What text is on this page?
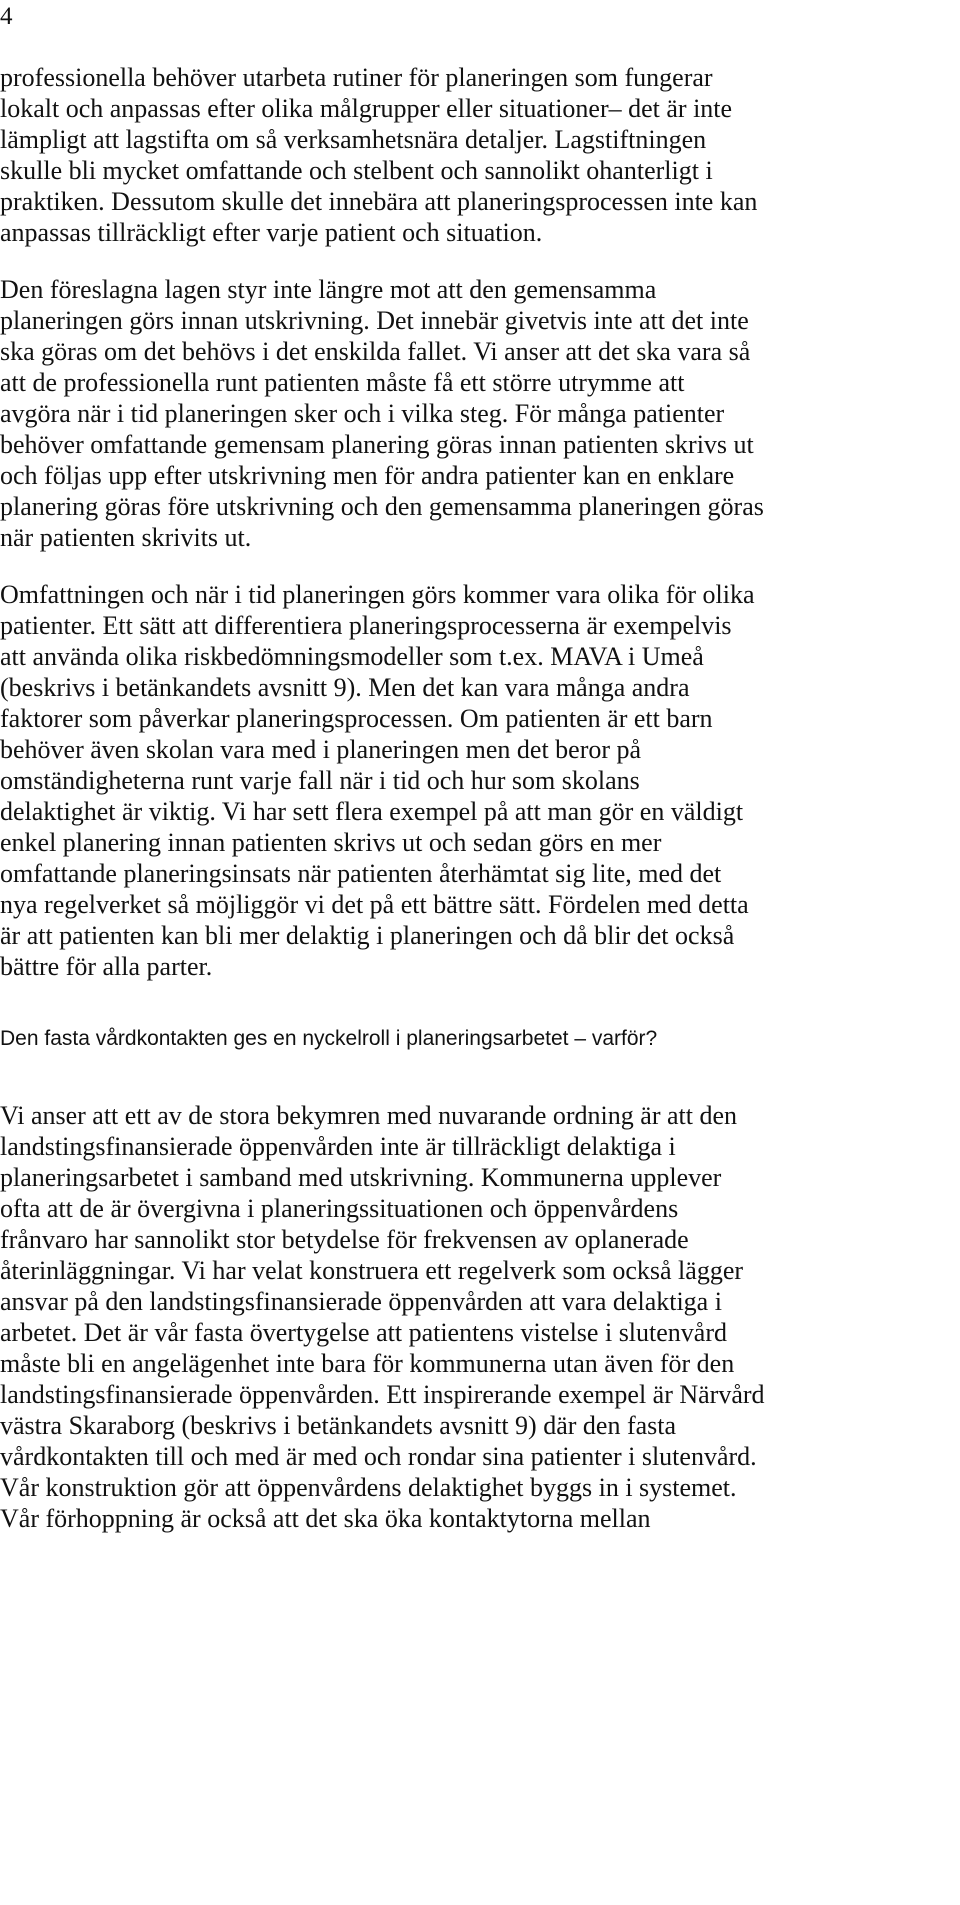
4

professionella behöver utarbeta rutiner för planeringen som fungerar
lokalt och anpassas efter olika målgrupper eller situationer– det är inte
lämpligt att lagstifta om så verksamhetsnära detaljer. Lagstiftningen
skulle bli mycket omfattande och stelbent och sannolikt ohanterligt i
praktiken. Dessutom skulle det innebära att planeringsprocessen inte kan
anpassas tillräckligt efter varje patient och situation.

Den föreslagna lagen styr inte längre mot att den gemensamma
planeringen görs innan utskrivning. Det innebär givetvis inte att det inte
ska göras om det behövs i det enskilda fallet. Vi anser att det ska vara så
att de professionella runt patienten måste få ett större utrymme att
avgöra när i tid planeringen sker och i vilka steg. För många patienter
behöver omfattande gemensam planering göras innan patienten skrivs ut
och följas upp efter utskrivning men för andra patienter kan en enklare
planering göras före utskrivning och den gemensamma planeringen göras
när patienten skrivits ut.

Omfattningen och när i tid planeringen görs kommer vara olika för olika
patienter. Ett sätt att differentiera planeringsprocesserna är exempelvis
att använda olika riskbedömningsmodeller som t.ex. MAVA i Umeå
(beskrivs i betänkandets avsnitt 9). Men det kan vara många andra
faktorer som påverkar planeringsprocessen. Om patienten är ett barn
behöver även skolan vara med i planeringen men det beror på
omständigheterna runt varje fall när i tid och hur som skolans
delaktighet är viktig. Vi har sett flera exempel på att man gör en väldigt
enkel planering innan patienten skrivs ut och sedan görs en mer
omfattande planeringsinsats när patienten återhämtat sig lite, med det
nya regelverket så möjliggör vi det på ett bättre sätt. Fördelen med detta
är att patienten kan bli mer delaktig i planeringen och då blir det också
bättre för alla parter.

Den fasta vårdkontakten ges en nyckelroll i planeringsarbetet – varför?

Vi anser att ett av de stora bekymren med nuvarande ordning är att den
landstingsfinansierade öppenvården inte är tillräckligt delaktiga i
planeringsarbetet i samband med utskrivning. Kommunerna upplever
ofta att de är övergivna i planeringssituationen och öppenvårdens
frånvaro har sannolikt stor betydelse för frekvensen av oplanerade
återinläggningar. Vi har velat konstruera ett regelverk som också lägger
ansvar på den landstingsfinansierade öppenvården att vara delaktiga i
arbetet. Det är vår fasta övertygelse att patientens vistelse i slutenvård
måste bli en angelägenhet inte bara för kommunerna utan även för den
landstingsfinansierade öppenvården. Ett inspirerande exempel är Närvård
västra Skaraborg (beskrivs i betänkandets avsnitt 9) där den fasta
vårdkontakten till och med är med och rondar sina patienter i slutenvård.
Vår konstruktion gör att öppenvårdens delaktighet byggs in i systemet.
Vår förhoppning är också att det ska öka kontaktytorna mellan
